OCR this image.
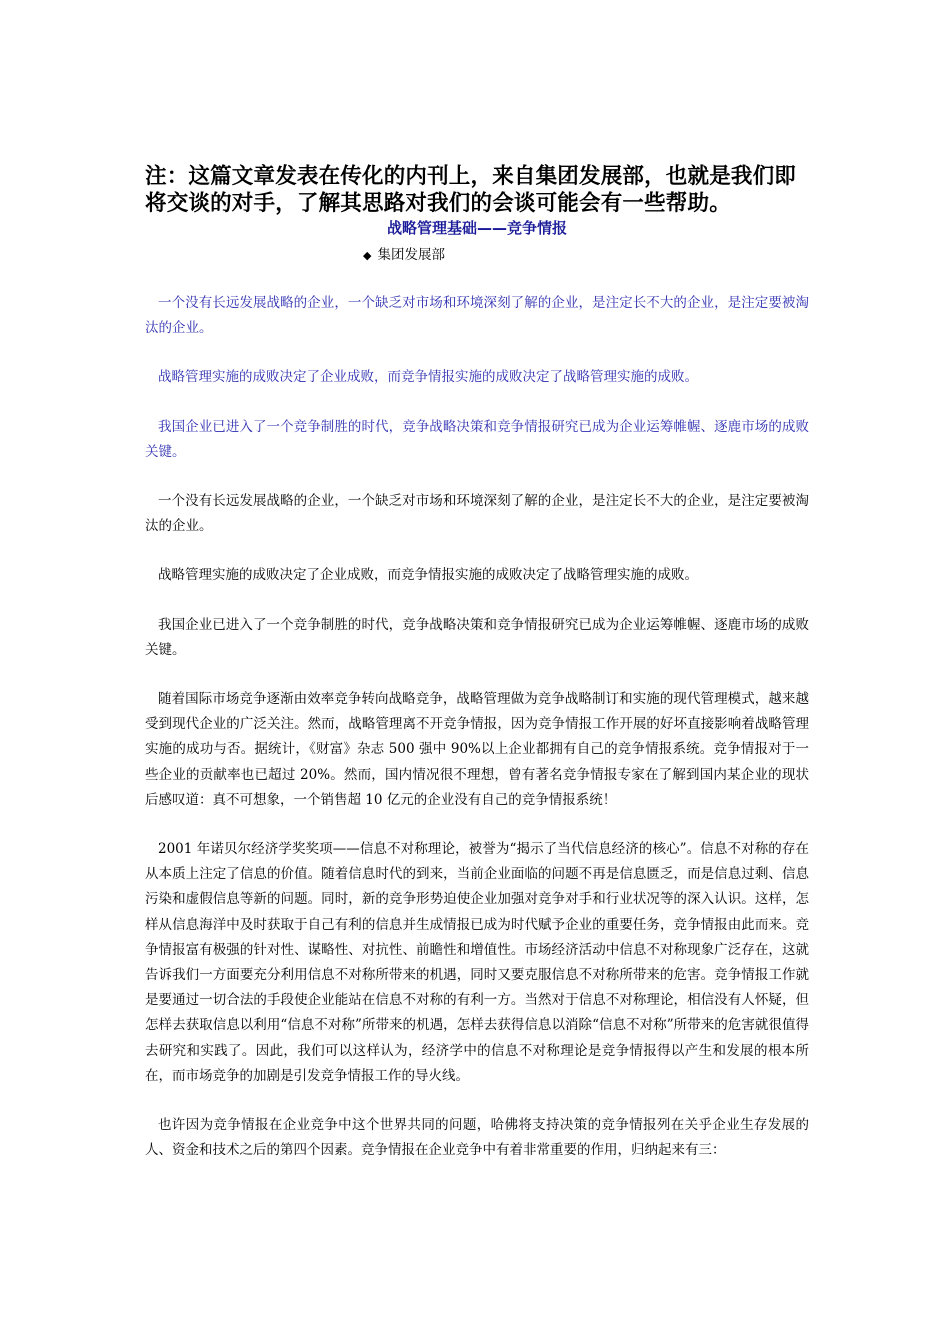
注：这篇文章发表在传化的内刊上，来自集团发展部，也就是我们即将交谈的对手，了解其思路对我们的会谈可能会有一些帮助。

战略管理基础——竞争情报

◆ 集团发展部

一个没有长远发展战略的企业，一个缺乏对市场和环境深刻了解的企业，是注定长不大的企业，是注定要被淘汰的企业。

战略管理实施的成败决定了企业成败，而竞争情报实施的成败决定了战略管理实施的成败。

我国企业已进入了一个竞争制胜的时代，竞争战略决策和竞争情报研究已成为企业运筹帷幄、逐鹿市场的成败关键。

一个没有长远发展战略的企业，一个缺乏对市场和环境深刻了解的企业，是注定长不大的企业，是注定要被淘汰的企业。

战略管理实施的成败决定了企业成败，而竞争情报实施的成败决定了战略管理实施的成败。

我国企业已进入了一个竞争制胜的时代，竞争战略决策和竞争情报研究已成为企业运筹帷幄、逐鹿市场的成败关键。

随着国际市场竞争逐渐由效率竞争转向战略竞争，战略管理做为竞争战略制订和实施的现代管理模式，越来越受到现代企业的广泛关注。然而，战略管理离不开竞争情报，因为竞争情报工作开展的好坏直接影响着战略管理实施的成功与否。据统计，《财富》杂志 500 强中 90%以上企业都拥有自己的竞争情报系统。竞争情报对于一些企业的贡献率也已超过 20%。然而，国内情况很不理想，曾有著名竞争情报专家在了解到国内某企业的现状后感叹道：真不可想象，一个销售超 10 亿元的企业没有自己的竞争情报系统！

2001 年诺贝尔经济学奖奖项——信息不对称理论，被誉为“揭示了当代信息经济的核心”。信息不对称的存在从本质上注定了信息的价值。随着信息时代的到来，当前企业面临的问题不再是信息匮乏，而是信息过剩、信息污染和虚假信息等新的问题。同时，新的竞争形势迫使企业加强对竞争对手和行业状况等的深入认识。这样，怎样从信息海洋中及时获取于自己有利的信息并生成情报已成为时代赋予企业的重要任务，竞争情报由此而来。竞争情报富有极强的针对性、谋略性、对抗性、前瞻性和增值性。市场经济活动中信息不对称现象广泛存在，这就告诉我们一方面要充分利用信息不对称所带来的机遇，同时又要克服信息不对称所带来的危害。竞争情报工作就是要通过一切合法的手段使企业能站在信息不对称的有利一方。当然对于信息不对称理论，相信没有人怀疑，但怎样去获取信息以利用“信息不对称”所带来的机遇，怎样去获得信息以消除“信息不对称”所带来的危害就很值得去研究和实践了。因此，我们可以这样认为，经济学中的信息不对称理论是竞争情报得以产生和发展的根本所在，而市场竞争的加剧是引发竞争情报工作的导火线。

也许因为竞争情报在企业竞争中这个世界共同的问题，哈佛将支持决策的竞争情报列在关乎企业生存发展的人、资金和技术之后的第四个因素。竞争情报在企业竞争中有着非常重要的作用，归纳起来有三：
